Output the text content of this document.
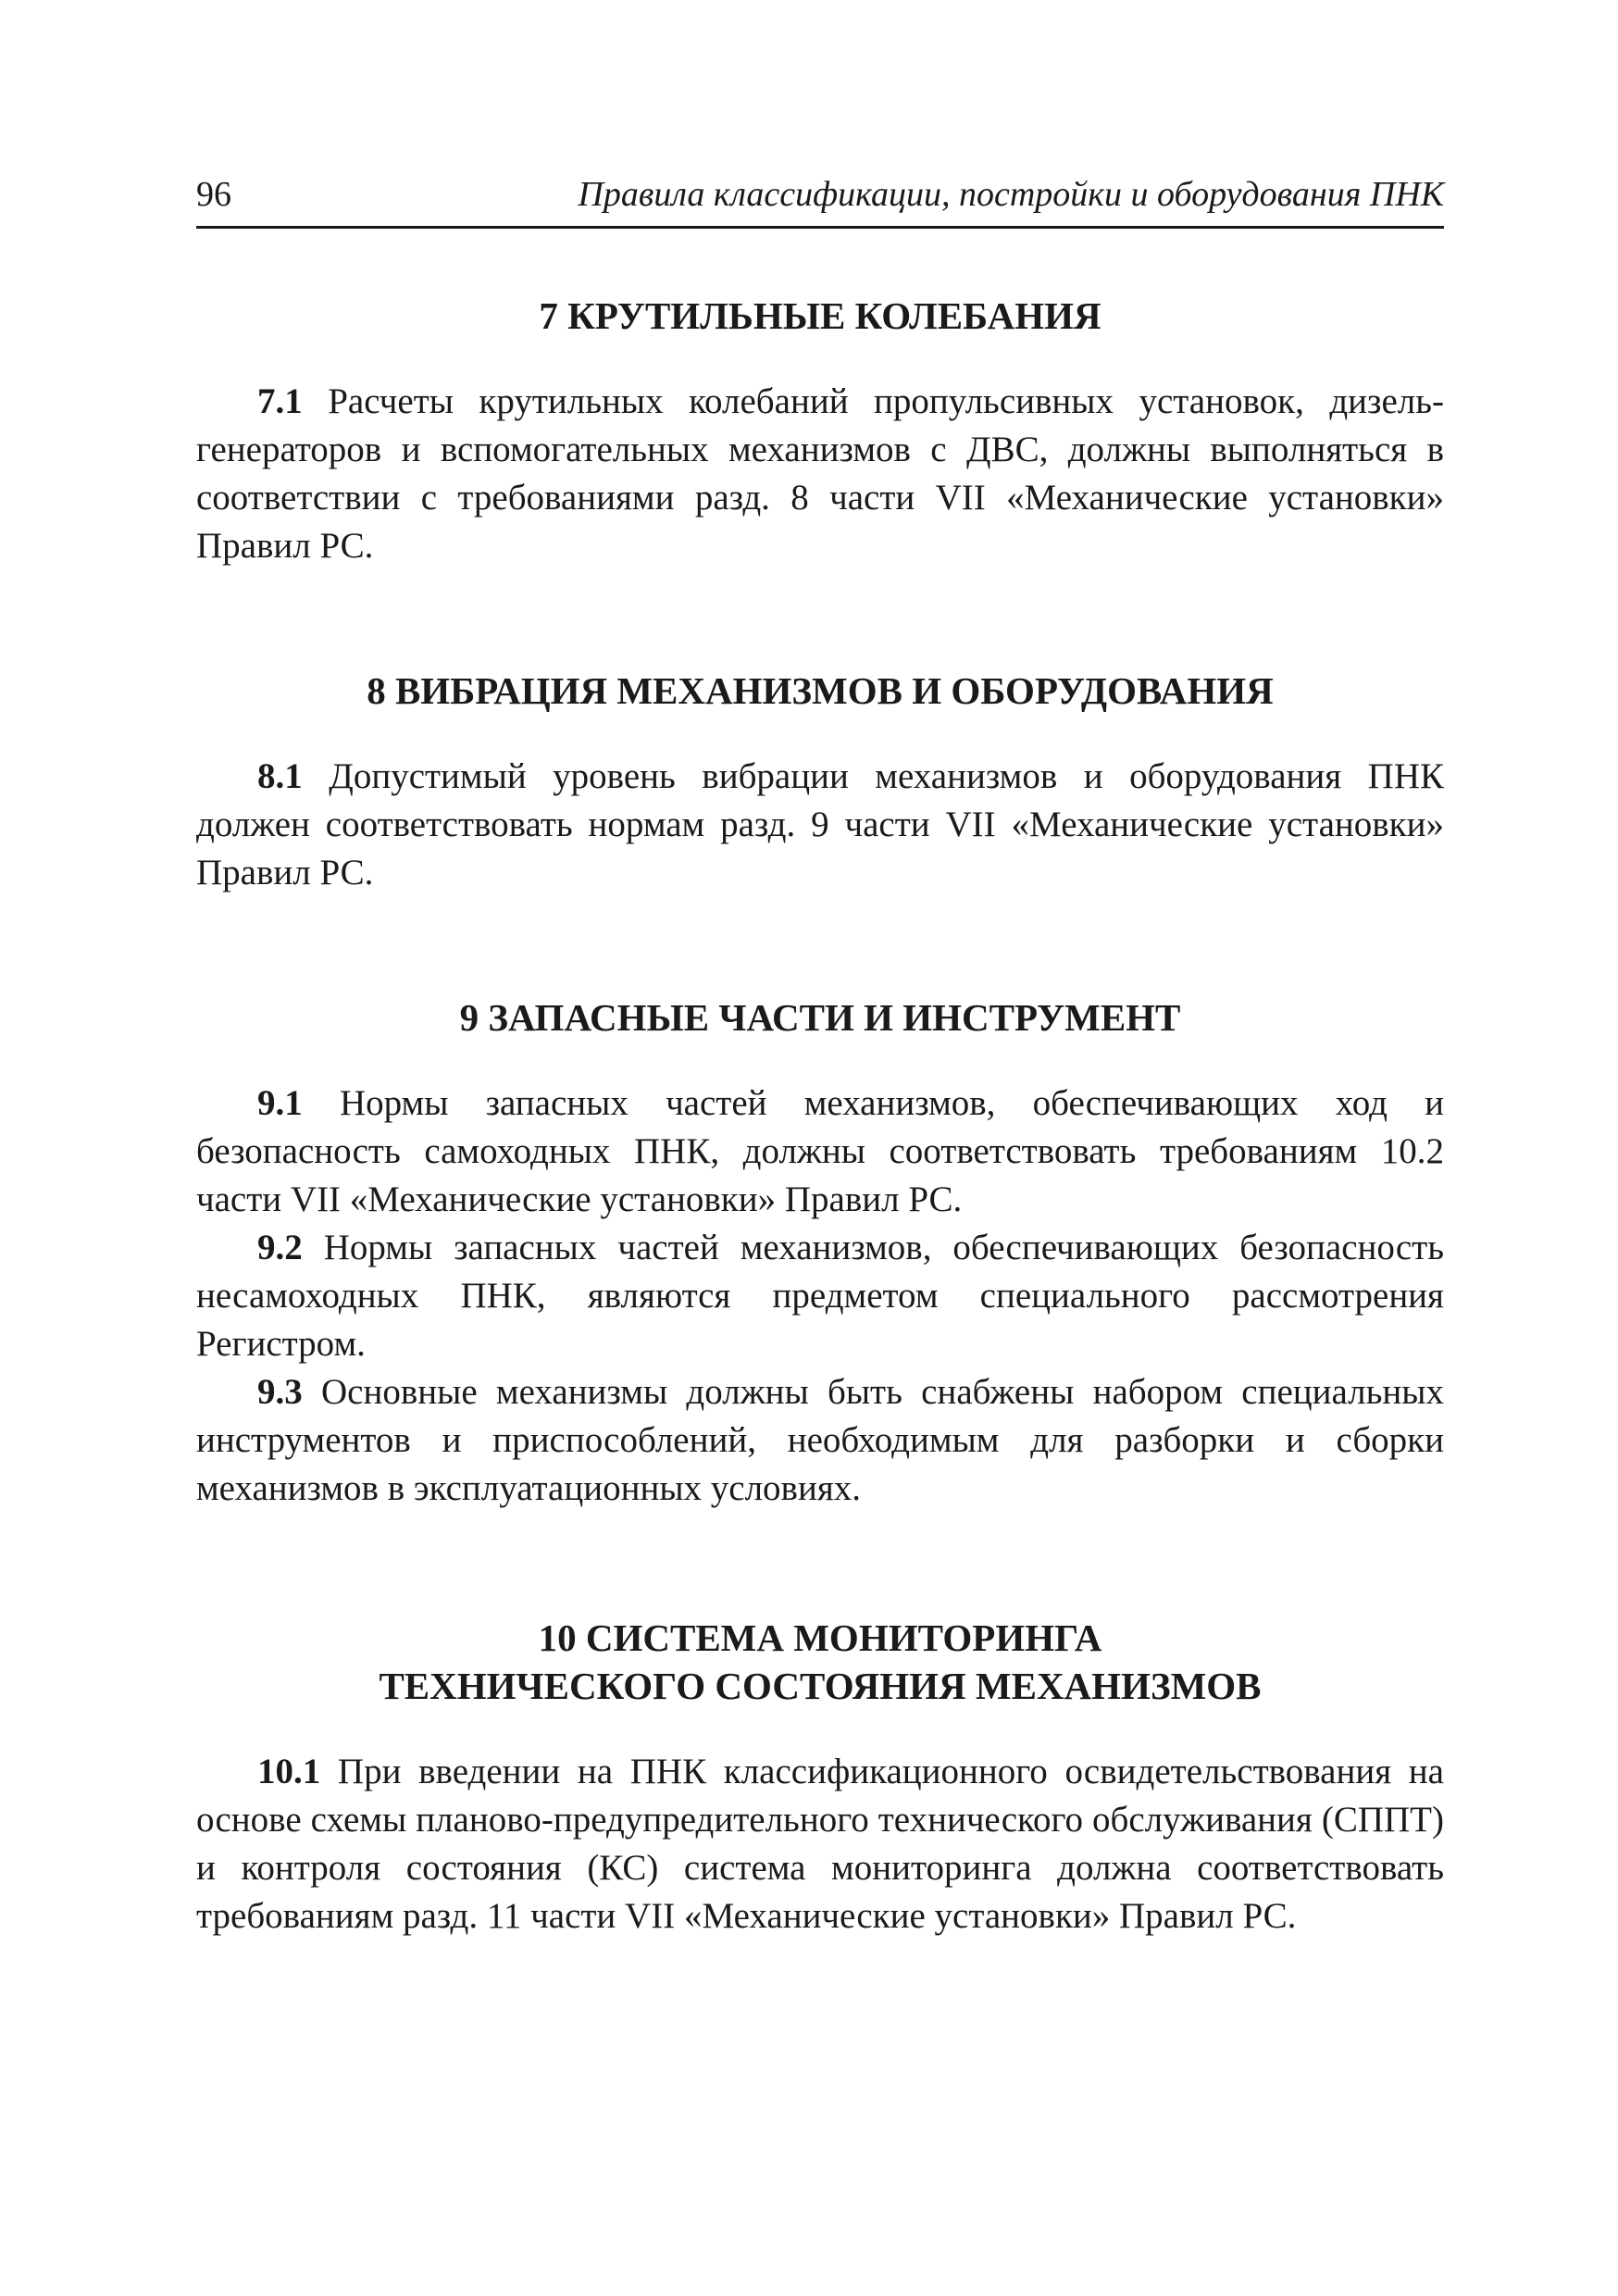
96	Правила классификации, постройки и оборудования ПНК
7 КРУТИЛЬНЫЕ КОЛЕБАНИЯ

7.1 Расчеты крутильных колебаний пропульсивных установок, дизель-генераторов и вспомогательных механизмов с ДВС, должны выполняться в соответствии с требованиями разд. 8 части VII «Механические установки» Правил РС.

8 ВИБРАЦИЯ МЕХАНИЗМОВ И ОБОРУДОВАНИЯ

8.1 Допустимый уровень вибрации механизмов и оборудования ПНК должен соответствовать нормам разд. 9 части VII «Механические установки» Правил РС.

9 ЗАПАСНЫЕ ЧАСТИ И ИНСТРУМЕНТ

9.1 Нормы запасных частей механизмов, обеспечивающих ход и безопасность самоходных ПНК, должны соответствовать требованиям 10.2 части VII «Механические установки» Правил РС.

9.2 Нормы запасных частей механизмов, обеспечивающих безопасность несамоходных ПНК, являются предметом специального рассмотрения Регистром.

9.3 Основные механизмы должны быть снабжены набором специальных инструментов и приспособлений, необходимым для разборки и сборки механизмов в эксплуатационных условиях.

10 СИСТЕМА МОНИТОРИНГА
ТЕХНИЧЕСКОГО СОСТОЯНИЯ МЕХАНИЗМОВ

10.1 При введении на ПНК классификационного освидетельствования на основе схемы планово-предупредительного технического обслуживания (СППТ) и контроля состояния (КС) система мониторинга должна соответствовать требованиям разд. 11 части VII «Механические установки» Правил РС.
